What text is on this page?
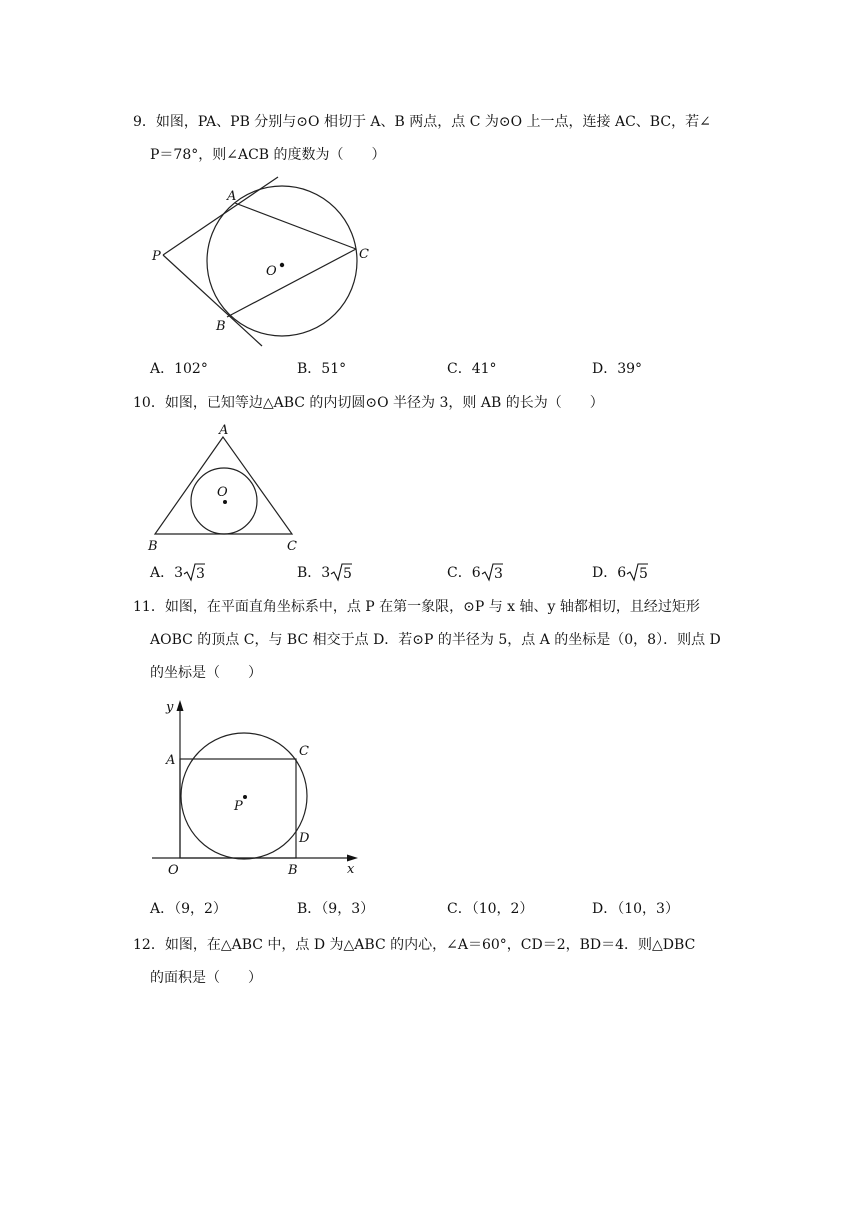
9．如图，PA、PB 分别与⊙O 相切于 A、B 两点，点 C 为⊙O 上一点，连接 AC、BC，若∠
P＝78°，则∠ACB 的度数为（　　）
A
B
C
P
O
A
B	C
O
y
x
A
C
P
D
O	B
A．102°	B．51°	C．41°	D．39°
10．如图，已知等边△ABC 的内切圆⊙O 半径为 3，则 AB 的长为（　　）
A．3 3	B．3 5	C．6 3	D．6 5
11．如图，在平面直角坐标系中，点 P 在第一象限，⊙P 与 x 轴、y 轴都相切，且经过矩形
AOBC 的顶点 C，与 BC 相交于点 D．若⊙P 的半径为 5，点 A 的坐标是（0，8）．则点 D
的坐标是（　　）
A．（9，2）	B．（9，3）	C．（10，2）	D．（10，3）
12．如图，在△ABC 中，点 D 为△ABC 的内心，∠A＝60°，CD＝2，BD＝4．则△DBC
的面积是（　　）
